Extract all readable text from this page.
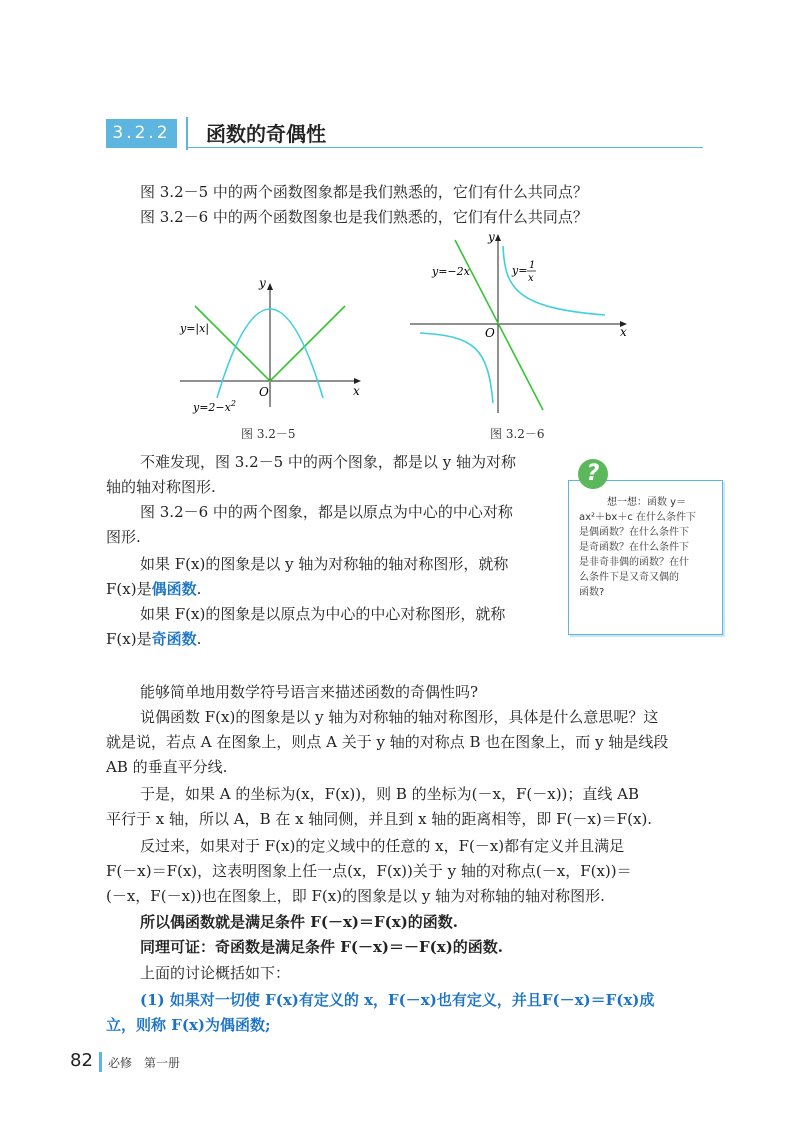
3.2.2	函数的奇偶性
图 3.2－5 中的两个函数图象都是我们熟悉的，它们有什么共同点？
图 3.2－6 中的两个函数图象也是我们熟悉的，它们有什么共同点？
y
x
O
y=|x|
$y=2-x^2$
图 3.2－5
y
x
O
y=−2x	y= 1
x
图 3.2－6
不难发现，图 3.2－5 中的两个图象，都是以 y 轴为对称
轴的轴对称图形.
图 3.2－6 中的两个图象，都是以原点为中心的中心对称
图形.
如果 F(x)的图象是以 y 轴为对称轴的轴对称图形，就称
F(x)是偶函数.
如果 F(x)的图象是以原点为中心的中心对称图形，就称
F(x)是奇函数.
能够简单地用数学符号语言来描述函数的奇偶性吗?
说偶函数 F(x)的图象是以 y 轴为对称轴的轴对称图形，具体是什么意思呢？这
就是说，若点 A 在图象上，则点 A 关于 y 轴的对称点 B 也在图象上，而 y 轴是线段
AB 的垂直平分线.
于是，如果 A 的坐标为(x，F(x))，则 B 的坐标为(－x，F(－x))；直线 AB
平行于 x 轴，所以 A，B 在 x 轴同侧，并且到 x 轴的距离相等，即 F(－x)＝F(x).
反过来，如果对于 F(x)的定义域中的任意的 x，F(－x)都有定义并且满足
F(－x)＝F(x)，这表明图象上任一点(x，F(x))关于 y 轴的对称点(－x，F(x))＝
(－x，F(－x))也在图象上，即 F(x)的图象是以 y 轴为对称轴的轴对称图形.
所以偶函数就是满足条件 F(－x)＝F(x)的函数.
同理可证：奇函数是满足条件 F(－x)＝－F(x)的函数.
上面的讨论概括如下：
(1) 如果对一切使 F(x)有定义的 x，F(－x)也有定义，并且F(－x)＝F(x)成
立，则称 F(x)为偶函数;
想一想：函数 y＝
ax²＋bx＋c 在什么条件下
是偶函数？在什么条件下
是奇函数？在什么条件下
是非奇非偶的函数？在什
么条件下是又奇又偶的
函数?
?
82 必修　第一册
